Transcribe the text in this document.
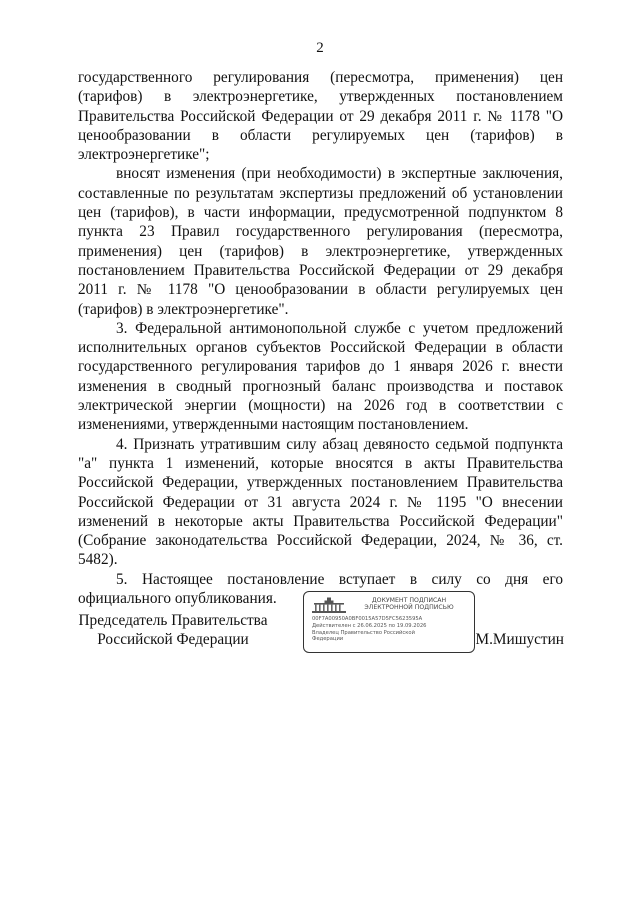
2

государственного регулирования (пересмотра, применения) цен (тарифов) в электроэнергетике, утвержденных постановлением Правительства Российской Федерации от 29 декабря 2011 г. № 1178 "О ценообразовании в области регулируемых цен (тарифов) в электроэнергетике";

вносят изменения (при необходимости) в экспертные заключения, составленные по результатам экспертизы предложений об установлении цен (тарифов), в части информации, предусмотренной подпунктом 8 пункта 23 Правил государственного регулирования (пересмотра, применения) цен (тарифов) в электроэнергетике, утвержденных постановлением Правительства Российской Федерации от 29 декабря 2011 г. № 1178 "О ценообразовании в области регулируемых цен (тарифов) в электроэнергетике".

3. Федеральной антимонопольной службе с учетом предложений исполнительных органов субъектов Российской Федерации в области государственного регулирования тарифов до 1 января 2026 г. внести изменения в сводный прогнозный баланс производства и поставок электрической энергии (мощности) на 2026 год в соответствии с изменениями, утвержденными настоящим постановлением.

4. Признать утратившим силу абзац девяносто седьмой подпункта "а" пункта 1 изменений, которые вносятся в акты Правительства Российской Федерации, утвержденных постановлением Правительства Российской Федерации от 31 августа 2024 г. № 1195 "О внесении изменений в некоторые акты Правительства Российской Федерации" (Собрание законодательства Российской Федерации, 2024, № 36, ст. 5482).

5. Настоящее постановление вступает в силу со дня его официального опубликования.

Председатель Правительства
Российской Федерации
ДОКУМЕНТ ПОДПИСАН
ЭЛЕКТРОННОЙ ПОДПИСЬЮ
00F7A00950A0BF0015A57D5FC5623595A
Действителен с 26.06.2025 по 19.09.2026
Владелец Правительство Российской
Федерации	М.Мишустин
